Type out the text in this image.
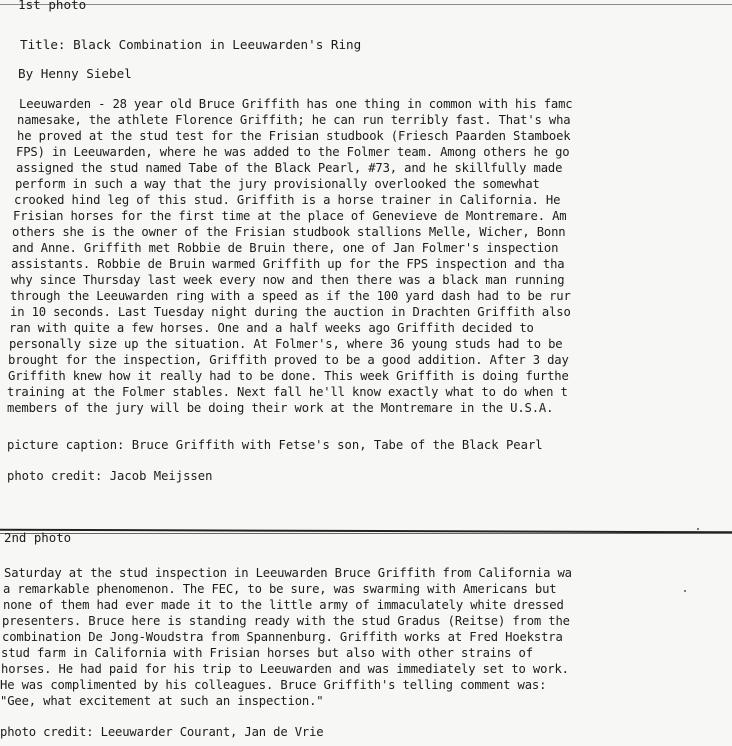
1st photo
Title: Black Combination in Leeuwarden's Ring
By Henny Siebel
Leeuwarden - 28 year old Bruce Griffith has one thing in common with his famc
namesake, the athlete Florence Griffith; he can run terribly fast. That's wha
he proved at the stud test for the Frisian studbook (Friesch Paarden Stamboek
FPS) in Leeuwarden, where he was added to the Folmer team. Among others he go
assigned the stud named Tabe of the Black Pearl, #73, and he skillfully made
perform in such a way that the jury provisionally overlooked the somewhat
crooked hind leg of this stud. Griffith is a horse trainer in California. He
Frisian horses for the first time at the place of Genevieve de Montremare. Am
others she is the owner of the Frisian studbook stallions Melle, Wicher, Bonn
and Anne. Griffith met Robbie de Bruin there, one of Jan Folmer's inspection
assistants. Robbie de Bruin warmed Griffith up for the FPS inspection and tha
why since Thursday last week every now and then there was a black man running
through the Leeuwarden ring with a speed as if the 100 yard dash had to be rur
in 10 seconds. Last Tuesday night during the auction in Drachten Griffith also
ran with quite a few horses. One and a half weeks ago Griffith decided to
personally size up the situation. At Folmer's, where 36 young studs had to be
brought for the inspection, Griffith proved to be a good addition. After 3 day
Griffith knew how it really had to be done. This week Griffith is doing furthe
training at the Folmer stables. Next fall he'll know exactly what to do when t
members of the jury will be doing their work at the Montremare in the U.S.A.
picture caption: Bruce Griffith with Fetse's son, Tabe of the Black Pearl
photo credit: Jacob Meijssen
2nd photo
Saturday at the stud inspection in Leeuwarden Bruce Griffith from California wa
a remarkable phenomenon. The FEC, to be sure, was swarming with Americans but
none of them had ever made it to the little army of immaculately white dressed
presenters. Bruce here is standing ready with the stud Gradus (Reitse) from the
combination De Jong-Woudstra from Spannenburg. Griffith works at Fred Hoekstra
stud farm in California with Frisian horses but also with other strains of
horses. He had paid for his trip to Leeuwarden and was immediately set to work.
He was complimented by his colleagues. Bruce Griffith's telling comment was:
"Gee, what excitement at such an inspection."
photo credit: Leeuwarder Courant, Jan de Vrie
